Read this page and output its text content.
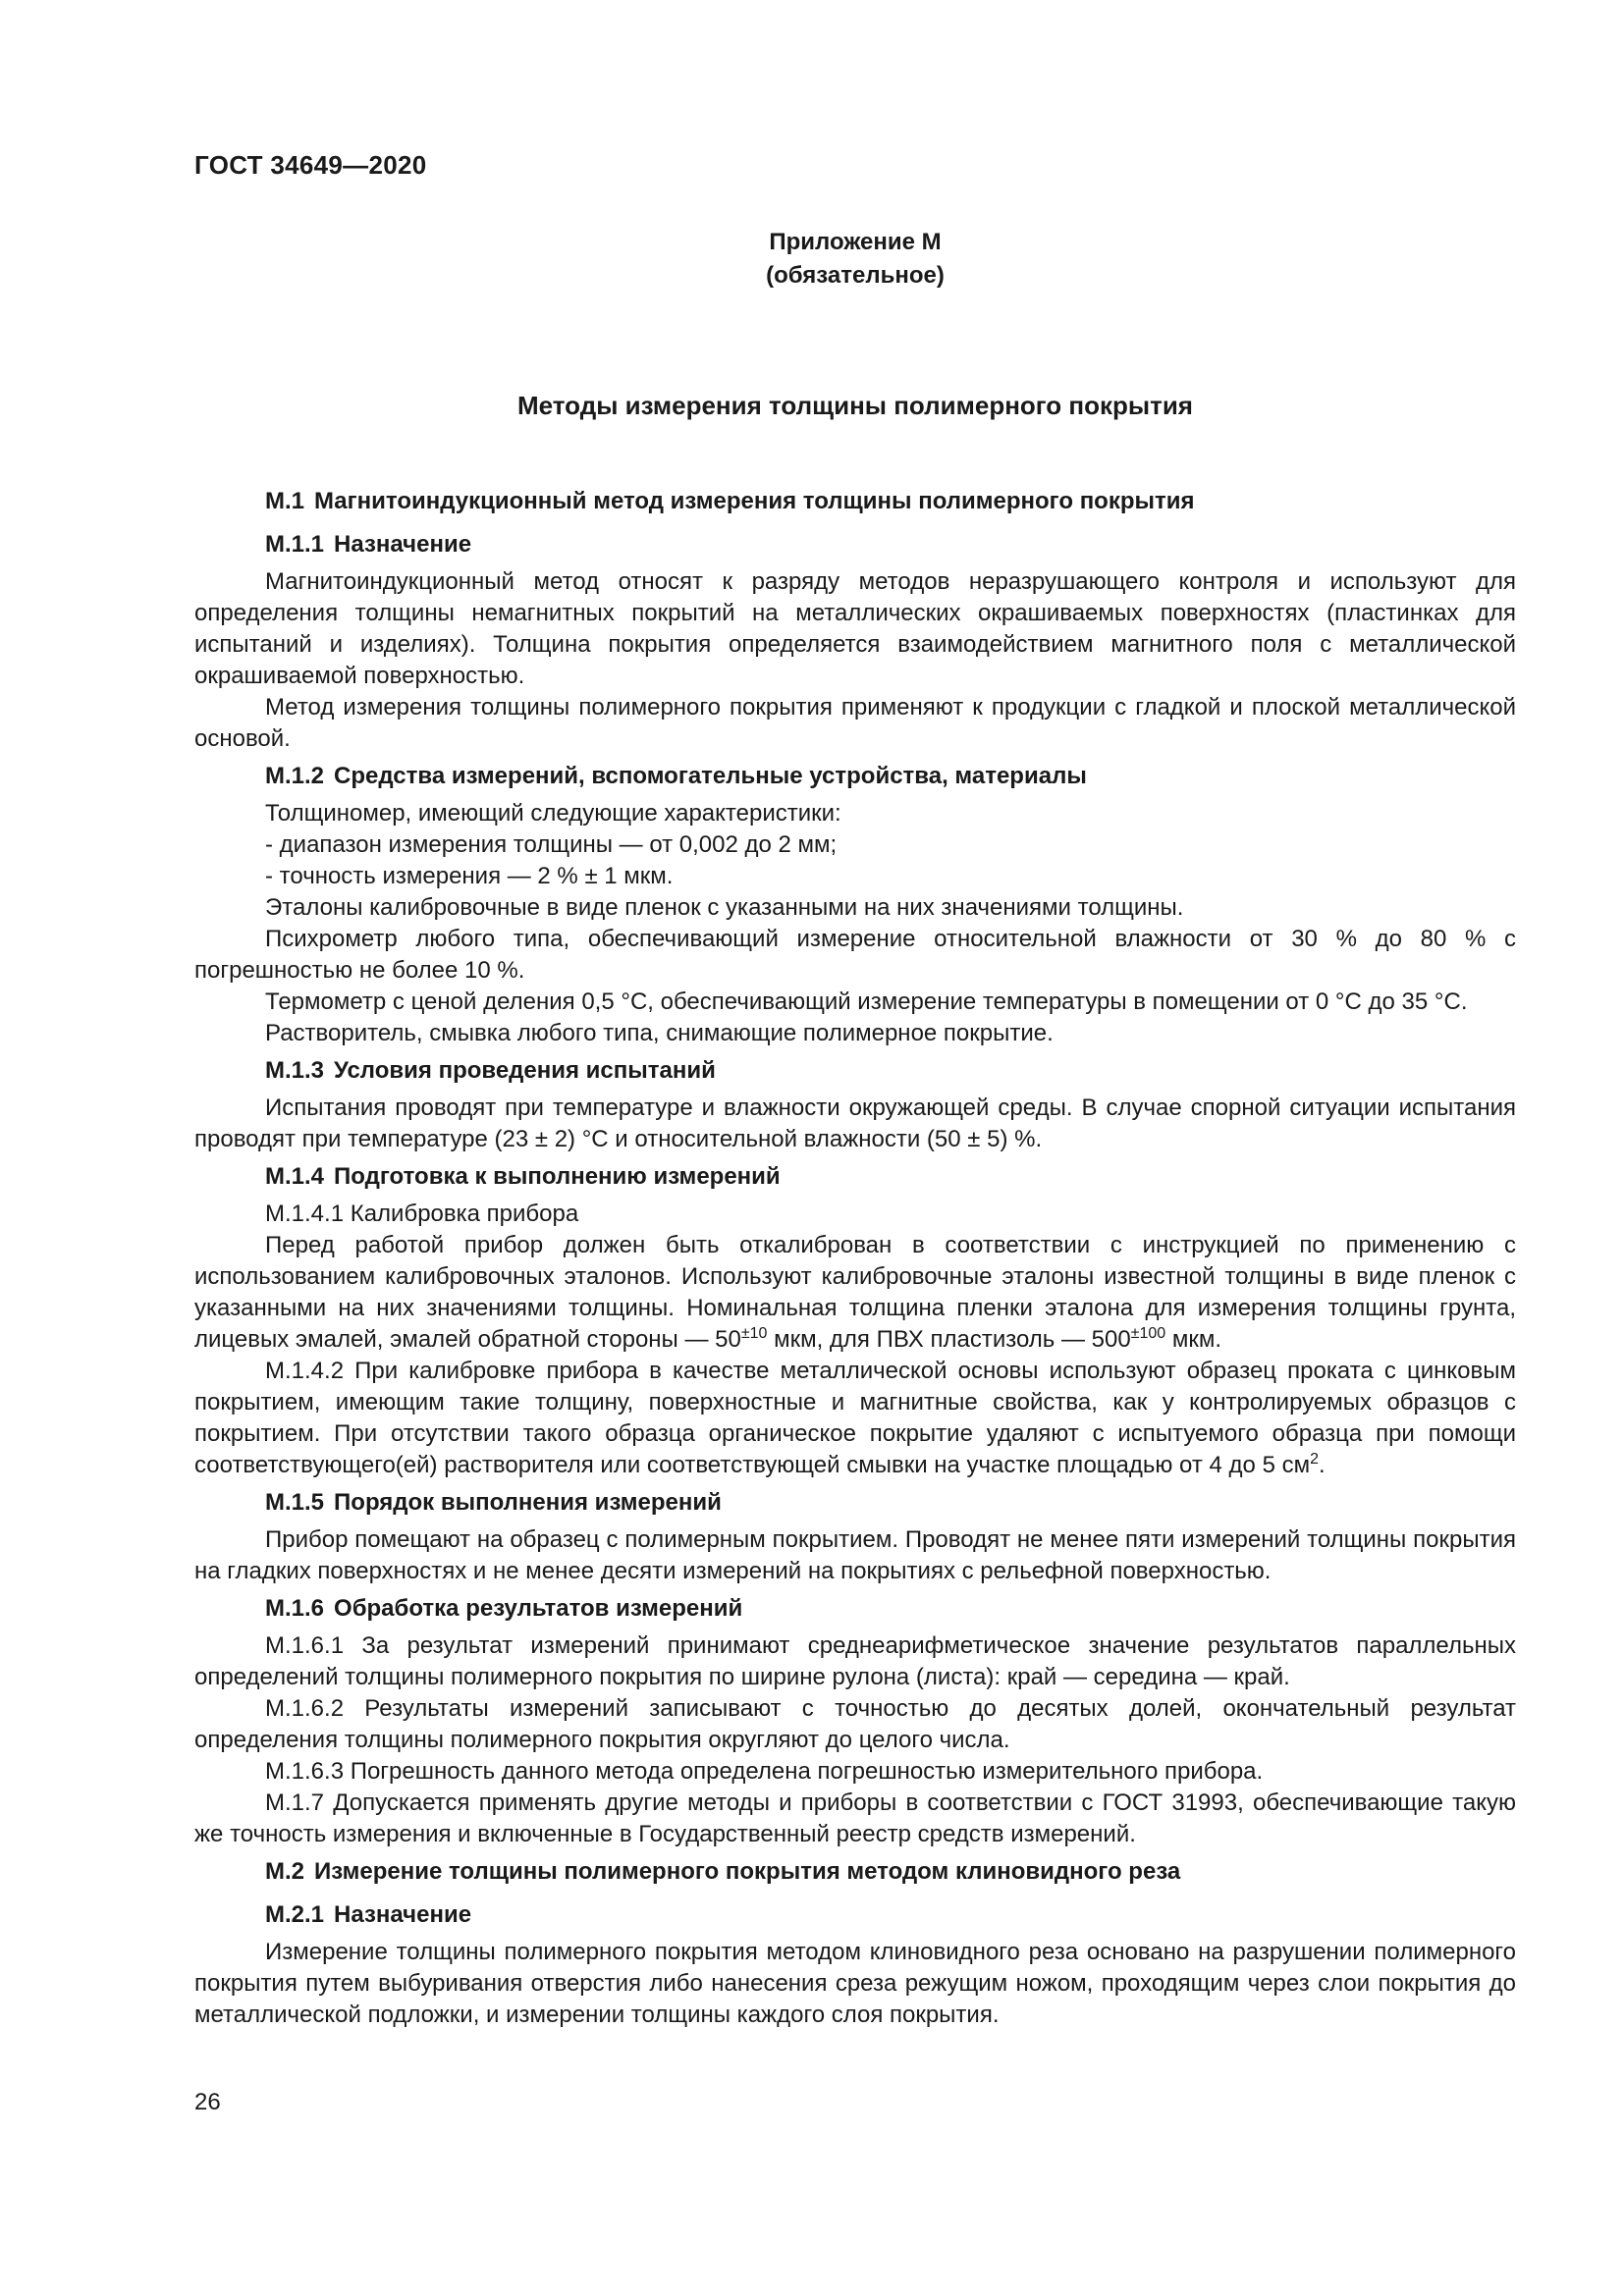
ГОСТ 34649—2020
Приложение М
(обязательное)
Методы измерения толщины полимерного покрытия

М.1 Магнитоиндукционный метод измерения толщины полимерного покрытия

М.1.1 Назначение

Магнитоиндукционный метод относят к разряду методов неразрушающего контроля и используют для определения толщины немагнитных покрытий на металлических окрашиваемых поверхностях (пластинках для испытаний и изделиях). Толщина покрытия определяется взаимодействием магнитного поля с металлической окрашиваемой поверхностью.

Метод измерения толщины полимерного покрытия применяют к продукции с гладкой и плоской металлической основой.

М.1.2 Средства измерений, вспомогательные устройства, материалы

Толщиномер, имеющий следующие характеристики:

- диапазон измерения толщины — от 0,002 до 2 мм;

- точность измерения — 2 % ± 1 мкм.

Эталоны калибровочные в виде пленок с указанными на них значениями толщины.

Психрометр любого типа, обеспечивающий измерение относительной влажности от 30 % до 80 % с погрешностью не более 10 %.

Термометр с ценой деления 0,5 °С, обеспечивающий измерение температуры в помещении от 0 °С до 35 °С.

Растворитель, смывка любого типа, снимающие полимерное покрытие.

М.1.3 Условия проведения испытаний

Испытания проводят при температуре и влажности окружающей среды. В случае спорной ситуации испытания проводят при температуре (23 ± 2) °С и относительной влажности (50 ± 5) %.

М.1.4 Подготовка к выполнению измерений

М.1.4.1 Калибровка прибора

Перед работой прибор должен быть откалиброван в соответствии с инструкцией по применению с использованием калибровочных эталонов. Используют калибровочные эталоны известной толщины в виде пленок с указанными на них значениями толщины. Номинальная толщина пленки эталона для измерения толщины грунта, лицевых эмалей, эмалей обратной стороны — $50^{\pm 10}$ мкм, для ПВХ пластизоль — $500^{\pm 100}$ мкм.

М.1.4.2 При калибровке прибора в качестве металлической основы используют образец проката с цинковым покрытием, имеющим такие толщину, поверхностные и магнитные свойства, как у контролируемых образцов с покрытием. При отсутствии такого образца органическое покрытие удаляют с испытуемого образца при помощи соответствующего(ей) растворителя или соответствующей смывки на участке площадью от 4 до 5 $см^2$.

М.1.5 Порядок выполнения измерений

Прибор помещают на образец с полимерным покрытием. Проводят не менее пяти измерений толщины покрытия на гладких поверхностях и не менее десяти измерений на покрытиях с рельефной поверхностью.

М.1.6 Обработка результатов измерений

М.1.6.1 За результат измерений принимают среднеарифметическое значение результатов параллельных определений толщины полимерного покрытия по ширине рулона (листа): край — середина — край.

М.1.6.2 Результаты измерений записывают с точностью до десятых долей, окончательный результат определения толщины полимерного покрытия округляют до целого числа.

М.1.6.3 Погрешность данного метода определена погрешностью измерительного прибора.

М.1.7 Допускается применять другие методы и приборы в соответствии с ГОСТ 31993, обеспечивающие такую же точность измерения и включенные в Государственный реестр средств измерений.

М.2 Измерение толщины полимерного покрытия методом клиновидного реза

М.2.1 Назначение

Измерение толщины полимерного покрытия методом клиновидного реза основано на разрушении полимерного покрытия путем выбуривания отверстия либо нанесения среза режущим ножом, проходящим через слои покрытия до металлической подложки, и измерении толщины каждого слоя покрытия.

26
